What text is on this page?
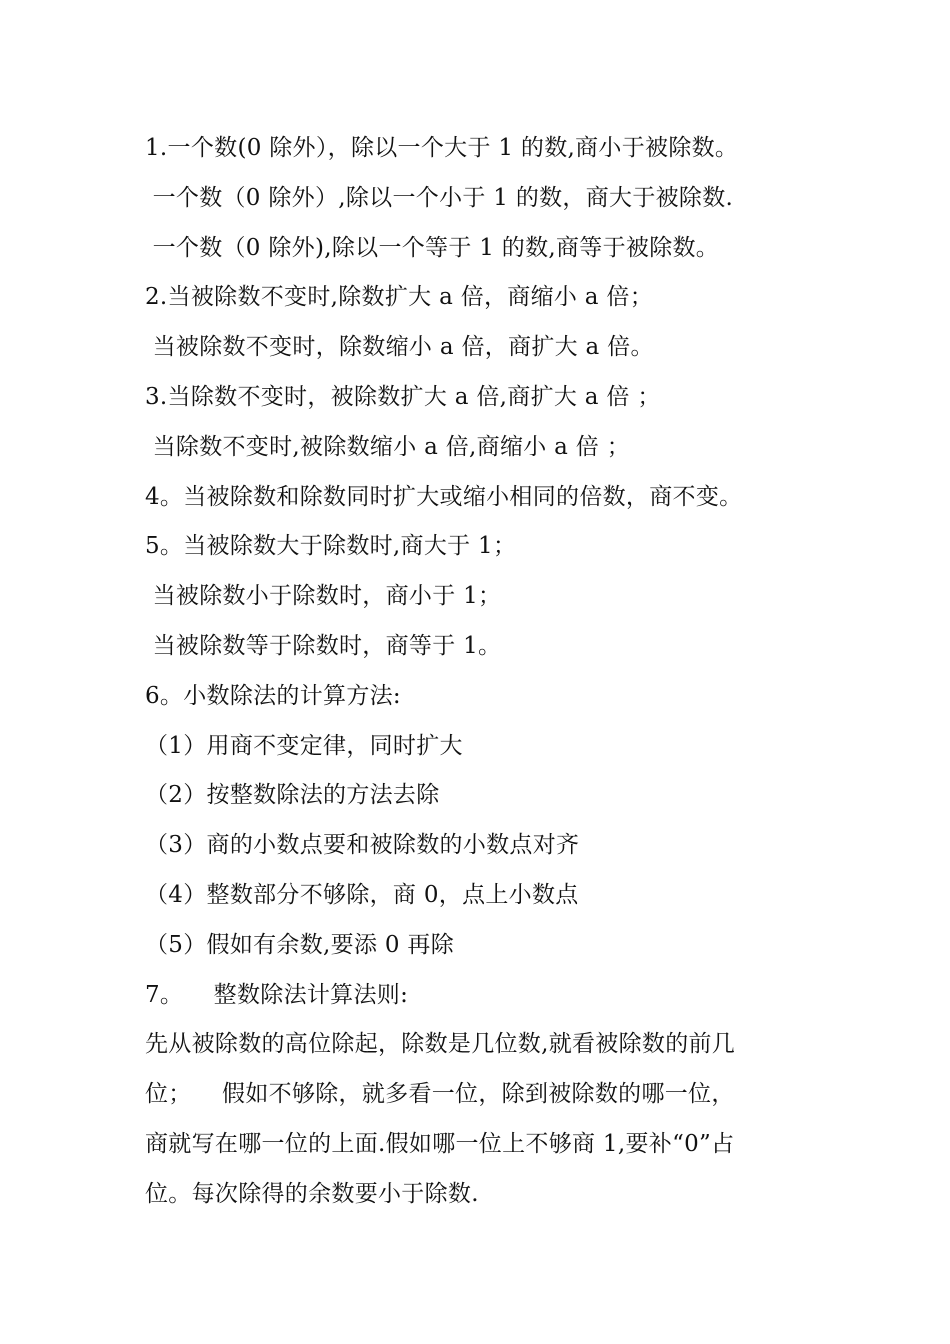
1.一个数(0 除外），除以一个大于 1 的数,商小于被除数。
一个数（0 除外）,除以一个小于 1 的数，商大于被除数.
一个数（0 除外),除以一个等于 1 的数,商等于被除数。
2.当被除数不变时,除数扩大 a 倍，商缩小 a 倍；
当被除数不变时，除数缩小 a 倍，商扩大 a 倍。
3.当除数不变时，被除数扩大 a 倍,商扩大 a 倍 ；
当除数不变时,被除数缩小 a 倍,商缩小 a 倍 ；
4。当被除数和除数同时扩大或缩小相同的倍数，商不变。
5。当被除数大于除数时,商大于 1；
当被除数小于除数时，商小于 1；
当被除数等于除数时，商等于 1。
6。小数除法的计算方法:
（1）用商不变定律，同时扩大
（2）按整数除法的方法去除
（3）商的小数点要和被除数的小数点对齐
（4）整数部分不够除，商 0，点上小数点
（5）假如有余数,要添 0 再除
7。    整数除法计算法则:
先从被除数的高位除起，除数是几位数,就看被除数的前几
位；    假如不够除，就多看一位，除到被除数的哪一位，
商就写在哪一位的上面.假如哪一位上不够商 1,要补“0”占
位。每次除得的余数要小于除数.
